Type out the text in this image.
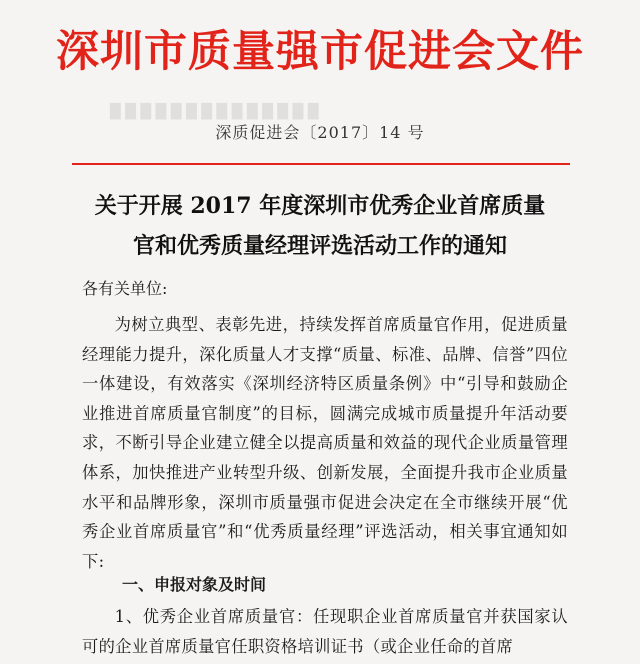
█ █ █ █ █ █ █ █ █ █ █ █ █ █
深圳市质量强市促进会文件
深质促进会〔2017〕14 号
关于开展 2017 年度深圳市优秀企业首席质量
官和优秀质量经理评选活动工作的通知
各有关单位:
为树立典型、表彰先进，持续发挥首席质量官作用，促进质量经理能力提升，深化质量人才支撑“质量、标准、品牌、信誉”四位一体建设，有效落实《深圳经济特区质量条例》中“引导和鼓励企业推进首席质量官制度”的目标，圆满完成城市质量提升年活动要求，不断引导企业建立健全以提高质量和效益的现代企业质量管理体系，加快推进产业转型升级、创新发展，全面提升我市企业质量水平和品牌形象，深圳市质量强市促进会决定在全市继续开展“优秀企业首席质量官”和“优秀质量经理”评选活动，相关事宜通知如下:
一、申报对象及时间
1、优秀企业首席质量官：任现职企业首席质量官并获国家认可的企业首席质量官任职资格培训证书（或企业任命的首席
